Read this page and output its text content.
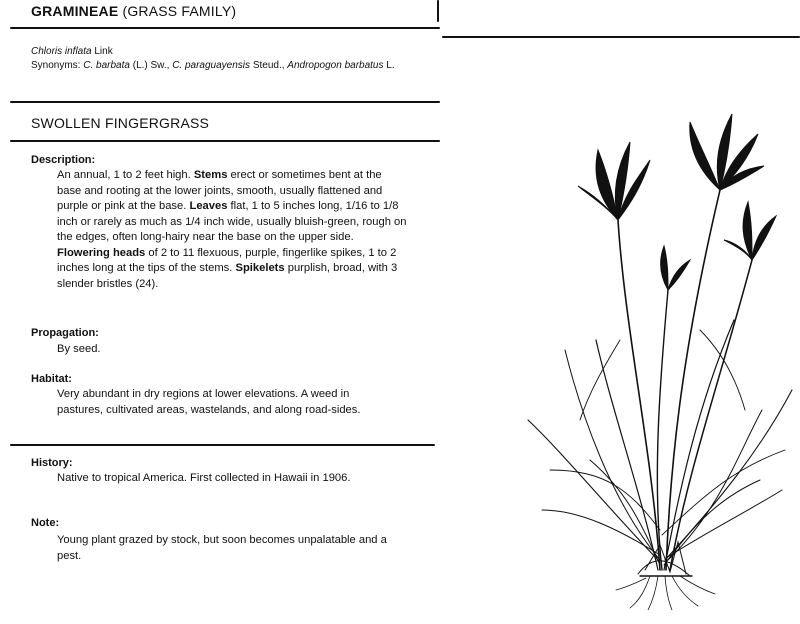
GRAMINEAE (GRASS FAMILY)
Chloris inflata Link
Synonyms: C. barbata (L.) Sw., C. paraguayensis Steud., Andropogon barbatus L.
SWOLLEN FINGERGRASS
Description:
An annual, 1 to 2 feet high. Stems erect or sometimes bent at the base and rooting at the lower joints, smooth, usually flattened and purple or pink at the base. Leaves flat, 1 to 5 inches long, 1/16 to 1/8 inch or rarely as much as 1/4 inch wide, usually bluish-green, rough on the edges, often long-hairy near the base on the upper side. Flowering heads of 2 to 11 flexuous, purple, fingerlike spikes, 1 to 2 inches long at the tips of the stems. Spikelets purplish, broad, with 3 slender bristles (24).
Propagation:
By seed.
Habitat:
Very abundant in dry regions at lower elevations. A weed in pastures, cultivated areas, wastelands, and along road-sides.
History:
Native to tropical America. First collected in Hawaii in 1906.
Note:
Young plant grazed by stock, but soon becomes unpalatable and a pest.
